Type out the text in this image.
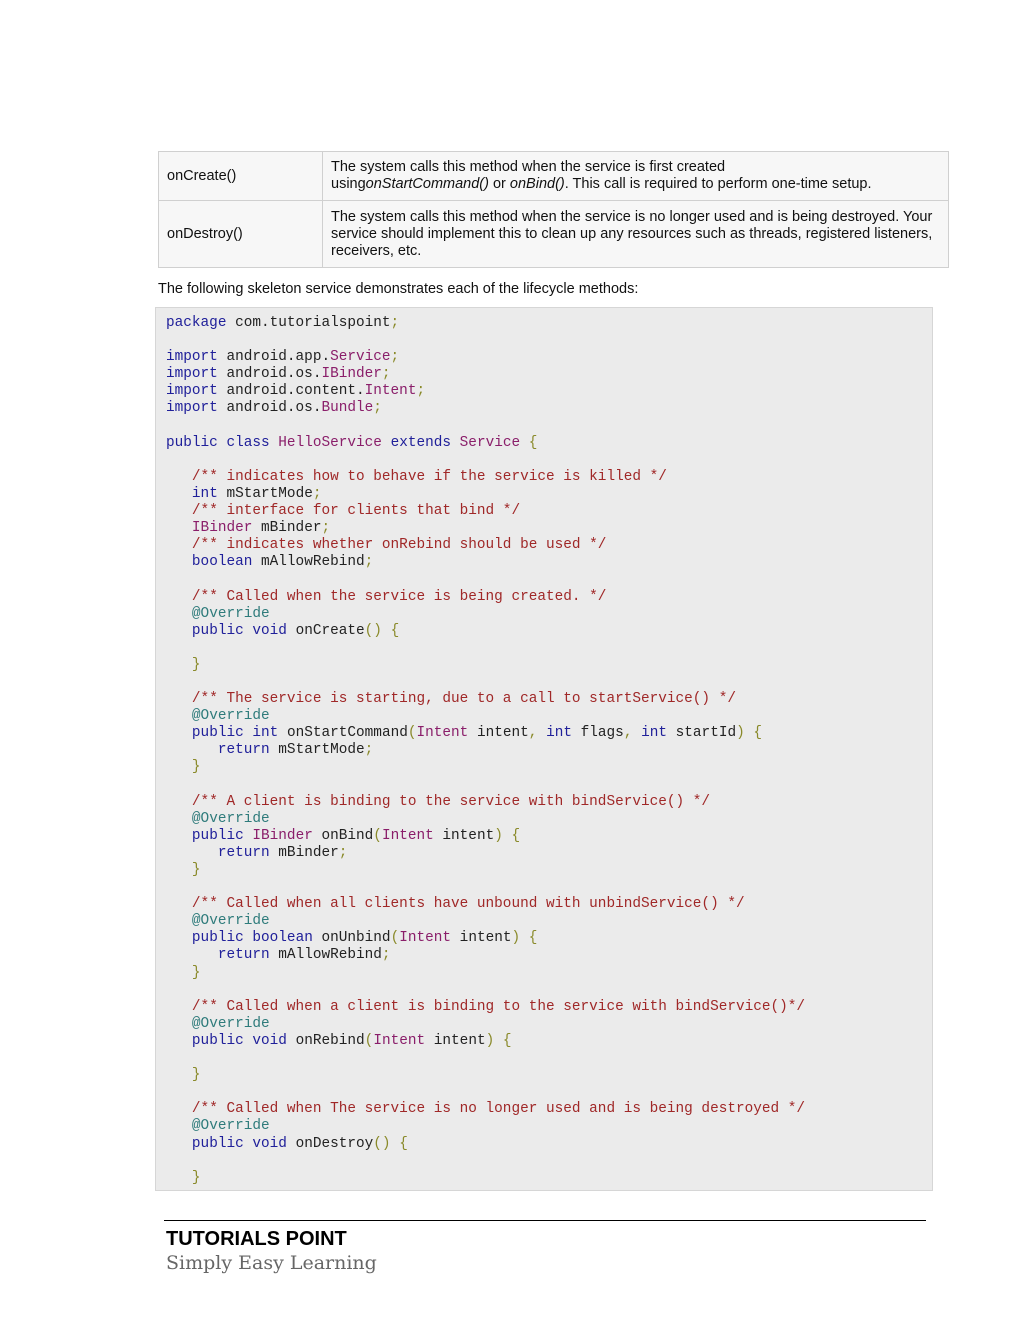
onCreate()	The system calls this method when the service is first created
usingonStartCommand() or onBind(). This call is required to perform one-time setup.
onDestroy()	The system calls this method when the service is no longer used and is being destroyed. Your service should implement this to clean up any resources such as threads, registered listeners, receivers, etc.
The following skeleton service demonstrates each of the lifecycle methods:
package com.tutorialspoint;
import android.app.Service;
import android.os.IBinder;
import android.content.Intent;
import android.os.Bundle;
public class HelloService extends Service {
/** indicates how to behave if the service is killed */
int mStartMode;
/** interface for clients that bind */
IBinder mBinder;
/** indicates whether onRebind should be used */
boolean mAllowRebind;
/** Called when the service is being created. */
@Override
public void onCreate() {
}
/** The service is starting, due to a call to startService() */
@Override
public int onStartCommand(Intent intent, int flags, int startId) {
return mStartMode;
}
/** A client is binding to the service with bindService() */
@Override
public IBinder onBind(Intent intent) {
return mBinder;
}
/** Called when all clients have unbound with unbindService() */
@Override
public boolean onUnbind(Intent intent) {
return mAllowRebind;
}
/** Called when a client is binding to the service with bindService()*/
@Override
public void onRebind(Intent intent) {
}
/** Called when The service is no longer used and is being destroyed */
@Override
public void onDestroy() {
}
TUTORIALS POINT
Simply Easy Learning
